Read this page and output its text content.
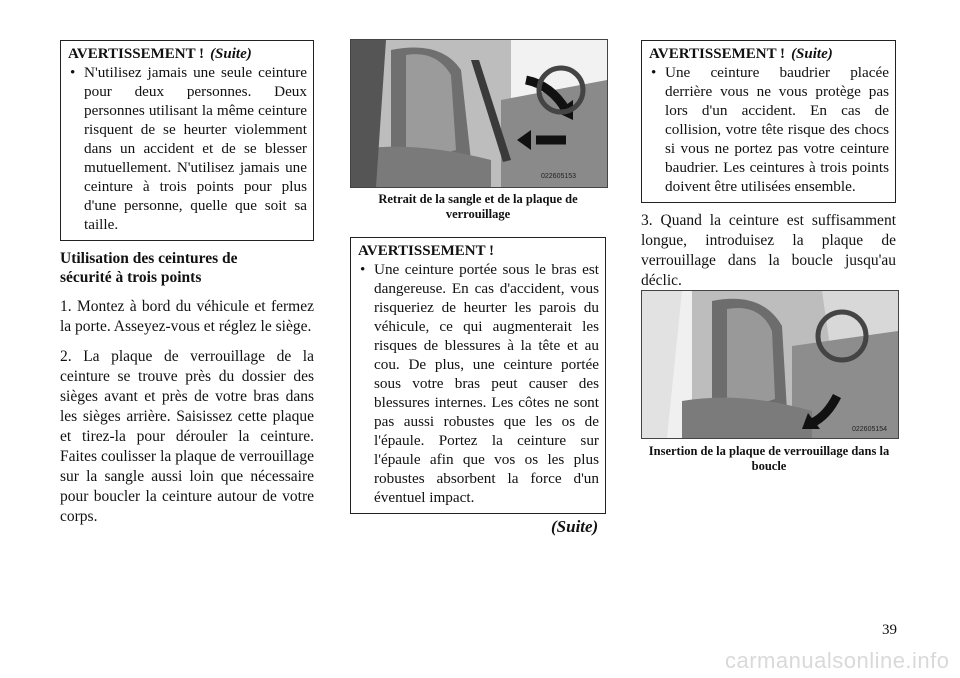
AVERTISSEMENT ! (Suite)
• N'utilisez jamais une seule ceinture pour deux personnes. Deux personnes utilisant la même ceinture risquent de se heurter violemment dans un accident et de se blesser mutuellement. N'utilisez jamais une ceinture à trois points pour plus d'une personne, quelle que soit sa taille.
Utilisation des ceintures de sécurité à trois points

1. Montez à bord du véhicule et fermez la porte. Asseyez-vous et réglez le siège.

2. La plaque de verrouillage de la ceinture se trouve près du dossier des sièges avant et près de votre bras dans les sièges arrière. Saisissez cette plaque et tirez-la pour dérouler la ceinture. Faites coulisser la plaque de verrouillage sur la sangle aussi loin que nécessaire pour boucler la ceinture autour de votre corps.

022605153
Retrait de la sangle et de la plaque de verrouillage
AVERTISSEMENT !
• Une ceinture portée sous le bras est dangereuse. En cas d'accident, vous risqueriez de heurter les parois du véhicule, ce qui augmenterait les risques de blessures à la tête et au cou. De plus, une ceinture portée sous votre bras peut causer des blessures internes. Les côtes ne sont pas aussi robustes que les os de l'épaule. Portez la ceinture sur l'épaule afin que vos os les plus robustes absorbent la force d'un éventuel impact.
(Suite)
AVERTISSEMENT ! (Suite)
• Une ceinture baudrier placée derrière vous ne vous protège pas lors d'un accident. En cas de collision, votre tête risque des chocs si vous ne portez pas votre ceinture baudrier. Les ceintures à trois points doivent être utilisées ensemble.

3. Quand la ceinture est suffisamment longue, introduisez la plaque de verrouillage dans la boucle jusqu'au déclic.

022605154
Insertion de la plaque de verrouillage dans la boucle
39
carmanualsonline.info
